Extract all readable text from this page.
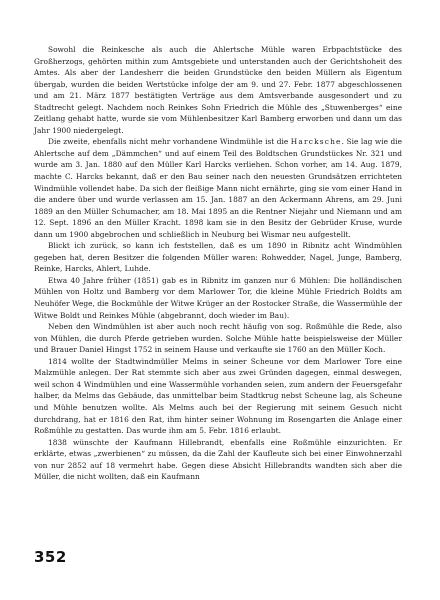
Sowohl die Reinkesche als auch die Ahlertsche Mühle waren Erbpachtstücke des Großherzogs, gehörten mithin zum Amtsgebiete und unterstanden auch der Gerichtshoheit des Amtes. Als aber der Landesherr die beiden Grundstücke den beiden Müllern als Eigentum übergab, wurden die beiden Wertstücke infolge der am 9. und 27. Febr. 1877 abgeschlossenen und am 21. März 1877 bestätigten Verträge aus dem Amtsverbande ausgesondert und zu Stadtrecht gelegt. Nachdem noch Reinkes Sohn Friedrich die Mühle des „Stuwenberges“ eine Zeitlang gehabt hatte, wurde sie vom Mühlenbesitzer Karl Bamberg erworben und dann um das Jahr 1900 niedergelegt.

Die zweite, ebenfalls nicht mehr vorhandene Windmühle ist die Harcksche. Sie lag wie die Ahlertsche auf dem „Dämmchen“ und auf einem Teil des Boldtschen Grundstückes Nr. 321 und wurde am 3. Jan. 1880 auf den Müller Karl Harcks verliehen. Schon vorher, am 14. Aug. 1879, machte C. Harcks bekannt, daß er den Bau seiner nach den neuesten Grundsätzen errichteten Windmühle vollendet habe. Da sich der fleißige Mann nicht ernährte, ging sie vom einer Hand in die andere über und wurde verlassen am 15. Jan. 1887 an den Ackermann Ahrens, am 29. Juni 1889 an den Müller Schumacher, am 18. Mai 1895 an die Rentner Niejahr und Niemann und am 12. Sept. 1896 an den Müller Kracht. 1898 kam sie in den Besitz der Gebrüder Kruse, wurde dann um 1900 abgebrochen und schließlich in Neuburg bei Wismar neu aufgestellt.

Blickt ich zurück, so kann ich feststellen, daß es um 1890 in Ribnitz acht Windmühlen gegeben hat, deren Besitzer die folgenden Müller waren: Rohwedder, Nagel, Junge, Bamberg, Reinke, Harcks, Ahlert, Luhde.

Etwa 40 Jahre früher (1851) gab es in Ribnitz im ganzen nur 6 Mühlen: Die holländischen Mühlen von Holtz und Bamberg vor dem Marlower Tor, die kleine Mühle Friedrich Boldts am Neuhöfer Wege, die Bockmühle der Witwe Krüger an der Rostocker Straße, die Wassermühle der Witwe Boldt und Reinkes Mühle (abgebrannt, doch wieder im Bau).

Neben den Windmühlen ist aber auch noch recht häufig von sog. Roßmühle die Rede, also von Mühlen, die durch Pferde getrieben wurden. Solche Mühle hatte beispielsweise der Müller und Brauer Daniel Hingst 1752 in seinem Hause und verkaufte sie 1760 an den Müller Koch.

1814 wollte der Stadtwindmüller Melms in seiner Scheune vor dem Marlower Tore eine Malzmühle anlegen. Der Rat stemmte sich aber aus zwei Gründen dagegen, einmal deswegen, weil schon 4 Windmühlen und eine Wassermühle vorhanden seien, zum andern der Feuersgefahr halber, da Melms das Gebäude, das unmittelbar beim Stadtkrug nebst Scheune lag, als Scheune und Mühle benutzen wollte. Als Melms auch bei der Regierung mit seinem Gesuch nicht durchdrang, hat er 1816 den Rat, ihm hinter seiner Wohnung im Rosengarten die Anlage einer Roßmühle zu gestatten. Das wurde ihm am 5. Febr. 1816 erlaubt.

1838 wünschte der Kaufmann Hillebrandt, ebenfalls eine Roßmühle einzurichten. Er erklärte, etwas „zwerbienen“ zu müssen, da die Zahl der Kaufleute sich bei einer Einwohnerzahl von nur 2852 auf 18 vermehrt habe. Gegen diese Absicht Hillebrandts wandten sich aber die Müller, die nicht wollten, daß ein Kaufmann

352
